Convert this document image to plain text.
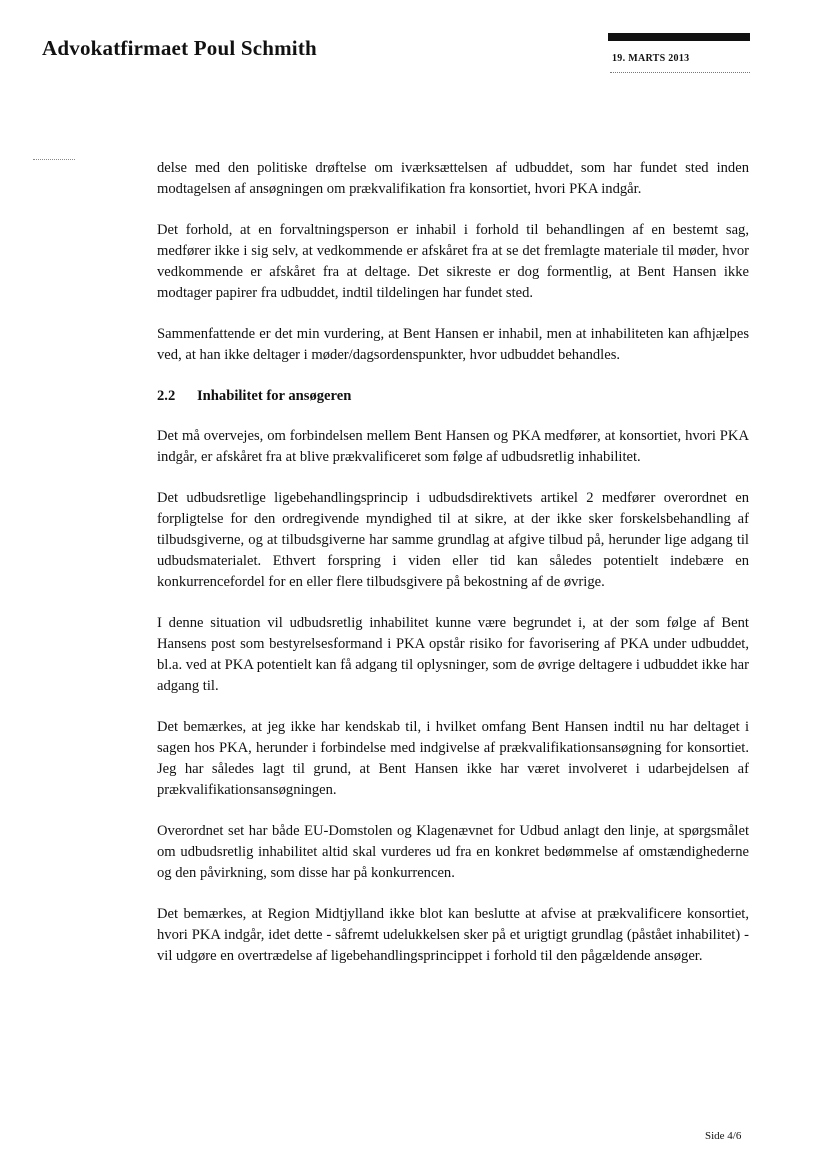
Advokatfirmaet Poul Schmith	19. MARTS 2013

delse med den politiske drøftelse om iværksættelsen af udbuddet, som har fundet sted inden modtagelsen af ansøgningen om prækvalifikation fra konsortiet, hvori PKA indgår.

Det forhold, at en forvaltningsperson er inhabil i forhold til behandlingen af en bestemt sag, medfører ikke i sig selv, at vedkommende er afskåret fra at se det fremlagte materiale til møder, hvor vedkommende er afskåret fra at deltage. Det sikreste er dog formentlig, at Bent Hansen ikke modtager papirer fra udbuddet, indtil tildelingen har fundet sted.

Sammenfattende er det min vurdering, at Bent Hansen er inhabil, men at inhabiliteten kan afhjælpes ved, at han ikke deltager i møder/dagsordenspunkter, hvor udbuddet behandles.

2.2	Inhabilitet for ansøgeren

Det må overvejes, om forbindelsen mellem Bent Hansen og PKA medfører, at konsortiet, hvori PKA indgår, er afskåret fra at blive prækvalificeret som følge af udbudsretlig inhabilitet.

Det udbudsretlige ligebehandlingsprincip i udbudsdirektivets artikel 2 medfører overordnet en forpligtelse for den ordregivende myndighed til at sikre, at der ikke sker forskelsbehandling af tilbudsgiverne, og at tilbudsgiverne har samme grundlag at afgive tilbud på, herunder lige adgang til udbudsmaterialet. Ethvert forspring i viden eller tid kan således potentielt indebære en konkurrencefordel for en eller flere tilbudsgivere på bekostning af de øvrige.

I denne situation vil udbudsretlig inhabilitet kunne være begrundet i, at der som følge af Bent Hansens post som bestyrelsesformand i PKA opstår risiko for favorisering af PKA under udbuddet, bl.a. ved at PKA potentielt kan få adgang til oplysninger, som de øvrige deltagere i udbuddet ikke har adgang til.

Det bemærkes, at jeg ikke har kendskab til, i hvilket omfang Bent Hansen indtil nu har deltaget i sagen hos PKA, herunder i forbindelse med indgivelse af prækvalifikationsansøgning for konsortiet. Jeg har således lagt til grund, at Bent Hansen ikke har været involveret i udarbejdelsen af prækvalifikationsansøgningen.

Overordnet set har både EU-Domstolen og Klagenævnet for Udbud anlagt den linje, at spørgsmålet om udbudsretlig inhabilitet altid skal vurderes ud fra en konkret bedømmelse af omstændighederne og den påvirkning, som disse har på konkurrencen.

Det bemærkes, at Region Midtjylland ikke blot kan beslutte at afvise at prækvalificere konsortiet, hvori PKA indgår, idet dette - såfremt udelukkelsen sker på et urigtigt grundlag (påstået inhabilitet) - vil udgøre en overtrædelse af ligebehandlingsprincippet i forhold til den pågældende ansøger.

Side 4/6
